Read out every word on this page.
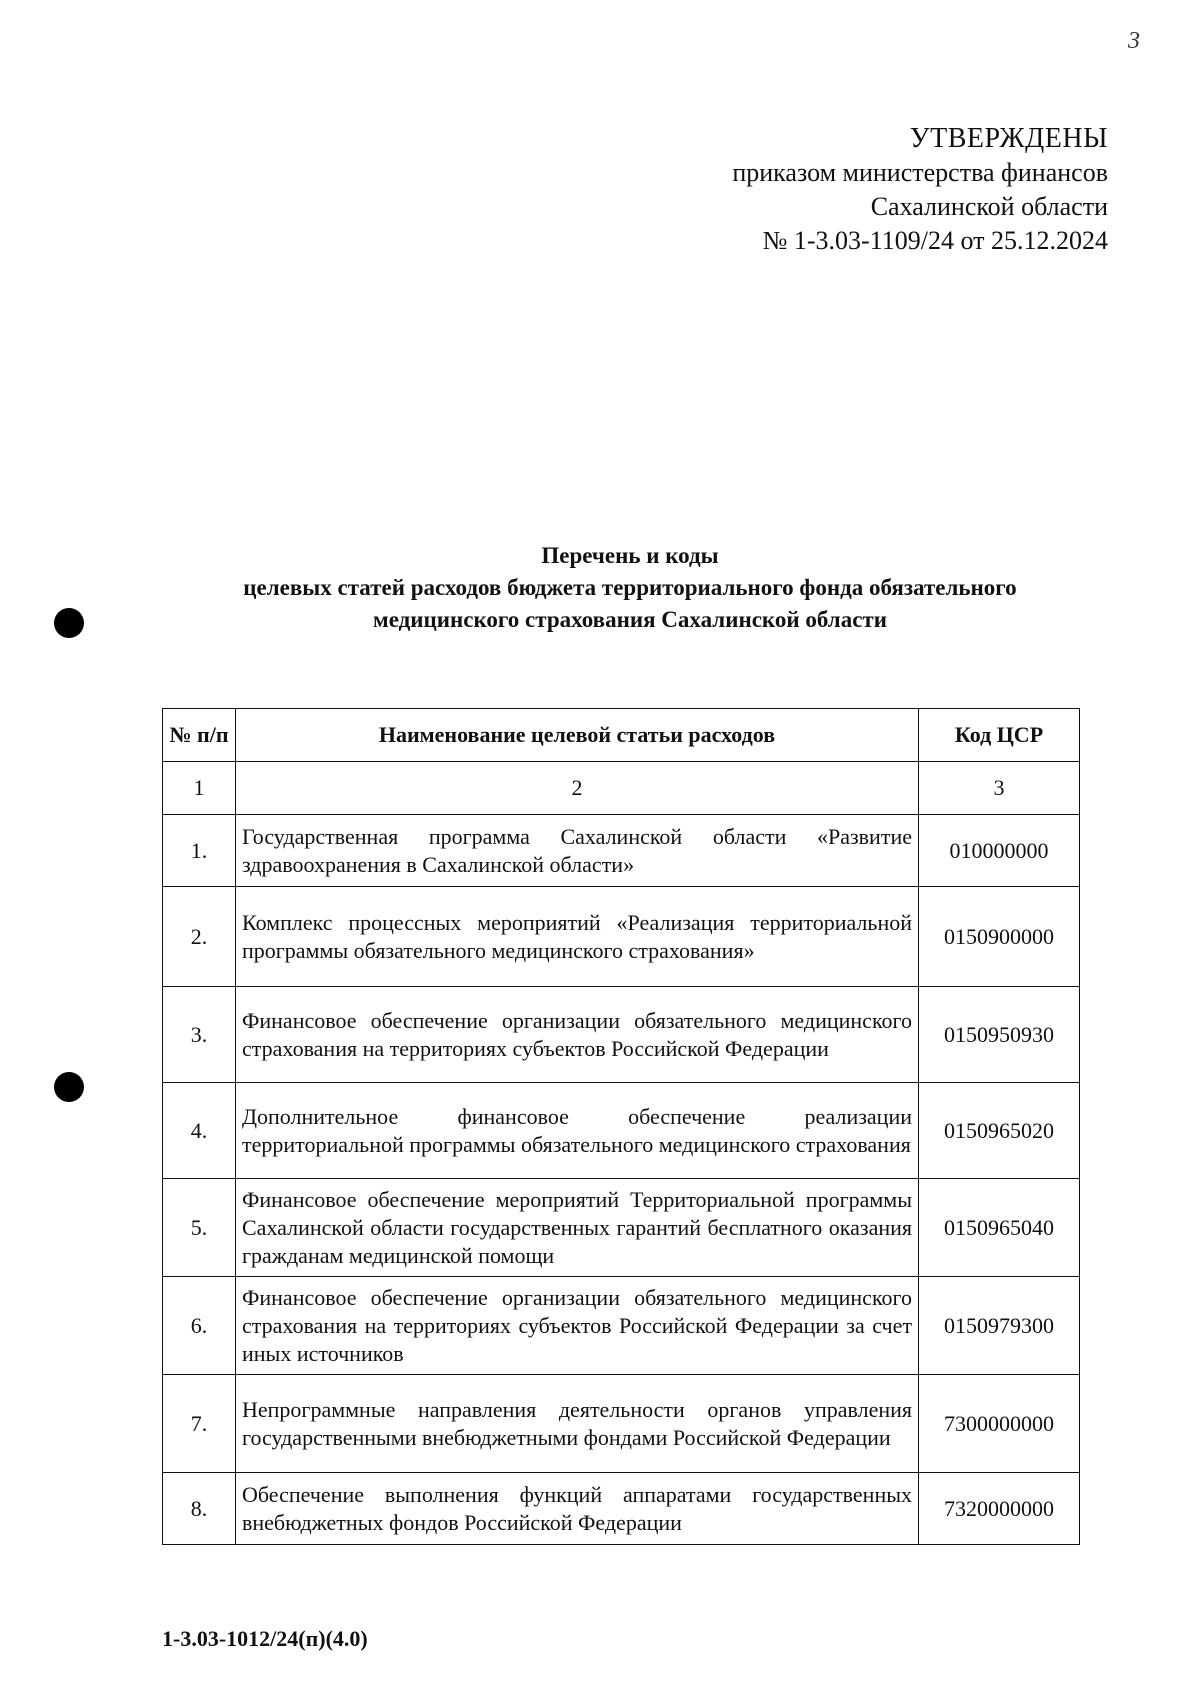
3
УТВЕРЖДЕНЫ
приказом министерства финансов
Сахалинской области
№ 1-3.03-1109/24 от 25.12.2024
Перечень и коды
целевых статей расходов бюджета территориального фонда обязательного
медицинского страхования Сахалинской области
№ п/п	Наименование целевой статьи расходов	Код ЦСР
1	2	3
1.	Государственная программа Сахалинской области «Развитие здравоохранения в Сахалинской области»	010000000
2.	Комплекс процессных мероприятий «Реализация территориальной программы обязательного медицинского страхования»	0150900000
3.	Финансовое обеспечение организации обязательного медицинского страхования на территориях субъектов Российской Федерации	0150950930
4.	Дополнительное финансовое обеспечение реализации территориальной программы обязательного медицинского страхования	0150965020
5.	Финансовое обеспечение мероприятий Территориальной программы Сахалинской области государственных гарантий бесплатного оказания гражданам медицинской помощи	0150965040
6.	Финансовое обеспечение организации обязательного медицинского страхования на территориях субъектов Российской Федерации за счет иных источников	0150979300
7.	Непрограммные направления деятельности органов управления государственными внебюджетными фондами Российской Федерации	7300000000
8.	Обеспечение выполнения функций аппаратами государственных внебюджетных фондов Российской Федерации	7320000000
1-3.03-1012/24(п)(4.0)
